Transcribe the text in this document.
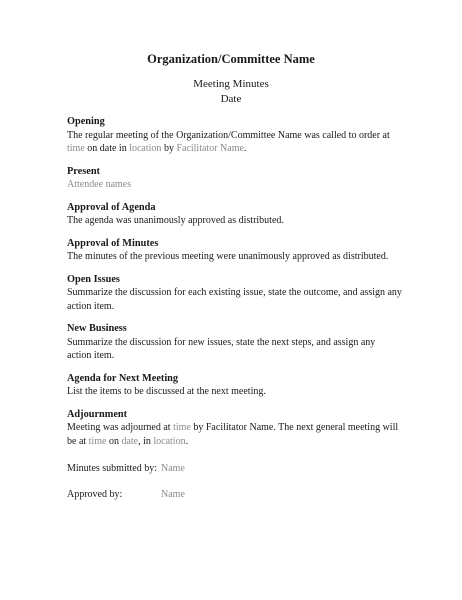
Organization/Committee Name
Meeting Minutes
Date
Opening
The regular meeting of the Organization/Committee Name was called to order at time on date in location by Facilitator Name.
Present
Attendee names
Approval of Agenda
The agenda was unanimously approved as distributed.
Approval of Minutes
The minutes of the previous meeting were unanimously approved as distributed.
Open Issues
Summarize the discussion for each existing issue, state the outcome, and assign any action item.
New Business
Summarize the discussion for new issues, state the next steps, and assign any action item.
Agenda for Next Meeting
List the items to be discussed at the next meeting.
Adjournment
Meeting was adjourned at time by Facilitator Name. The next general meeting will be at time on date, in location.
Minutes submitted by: Name
Approved by:	Name
